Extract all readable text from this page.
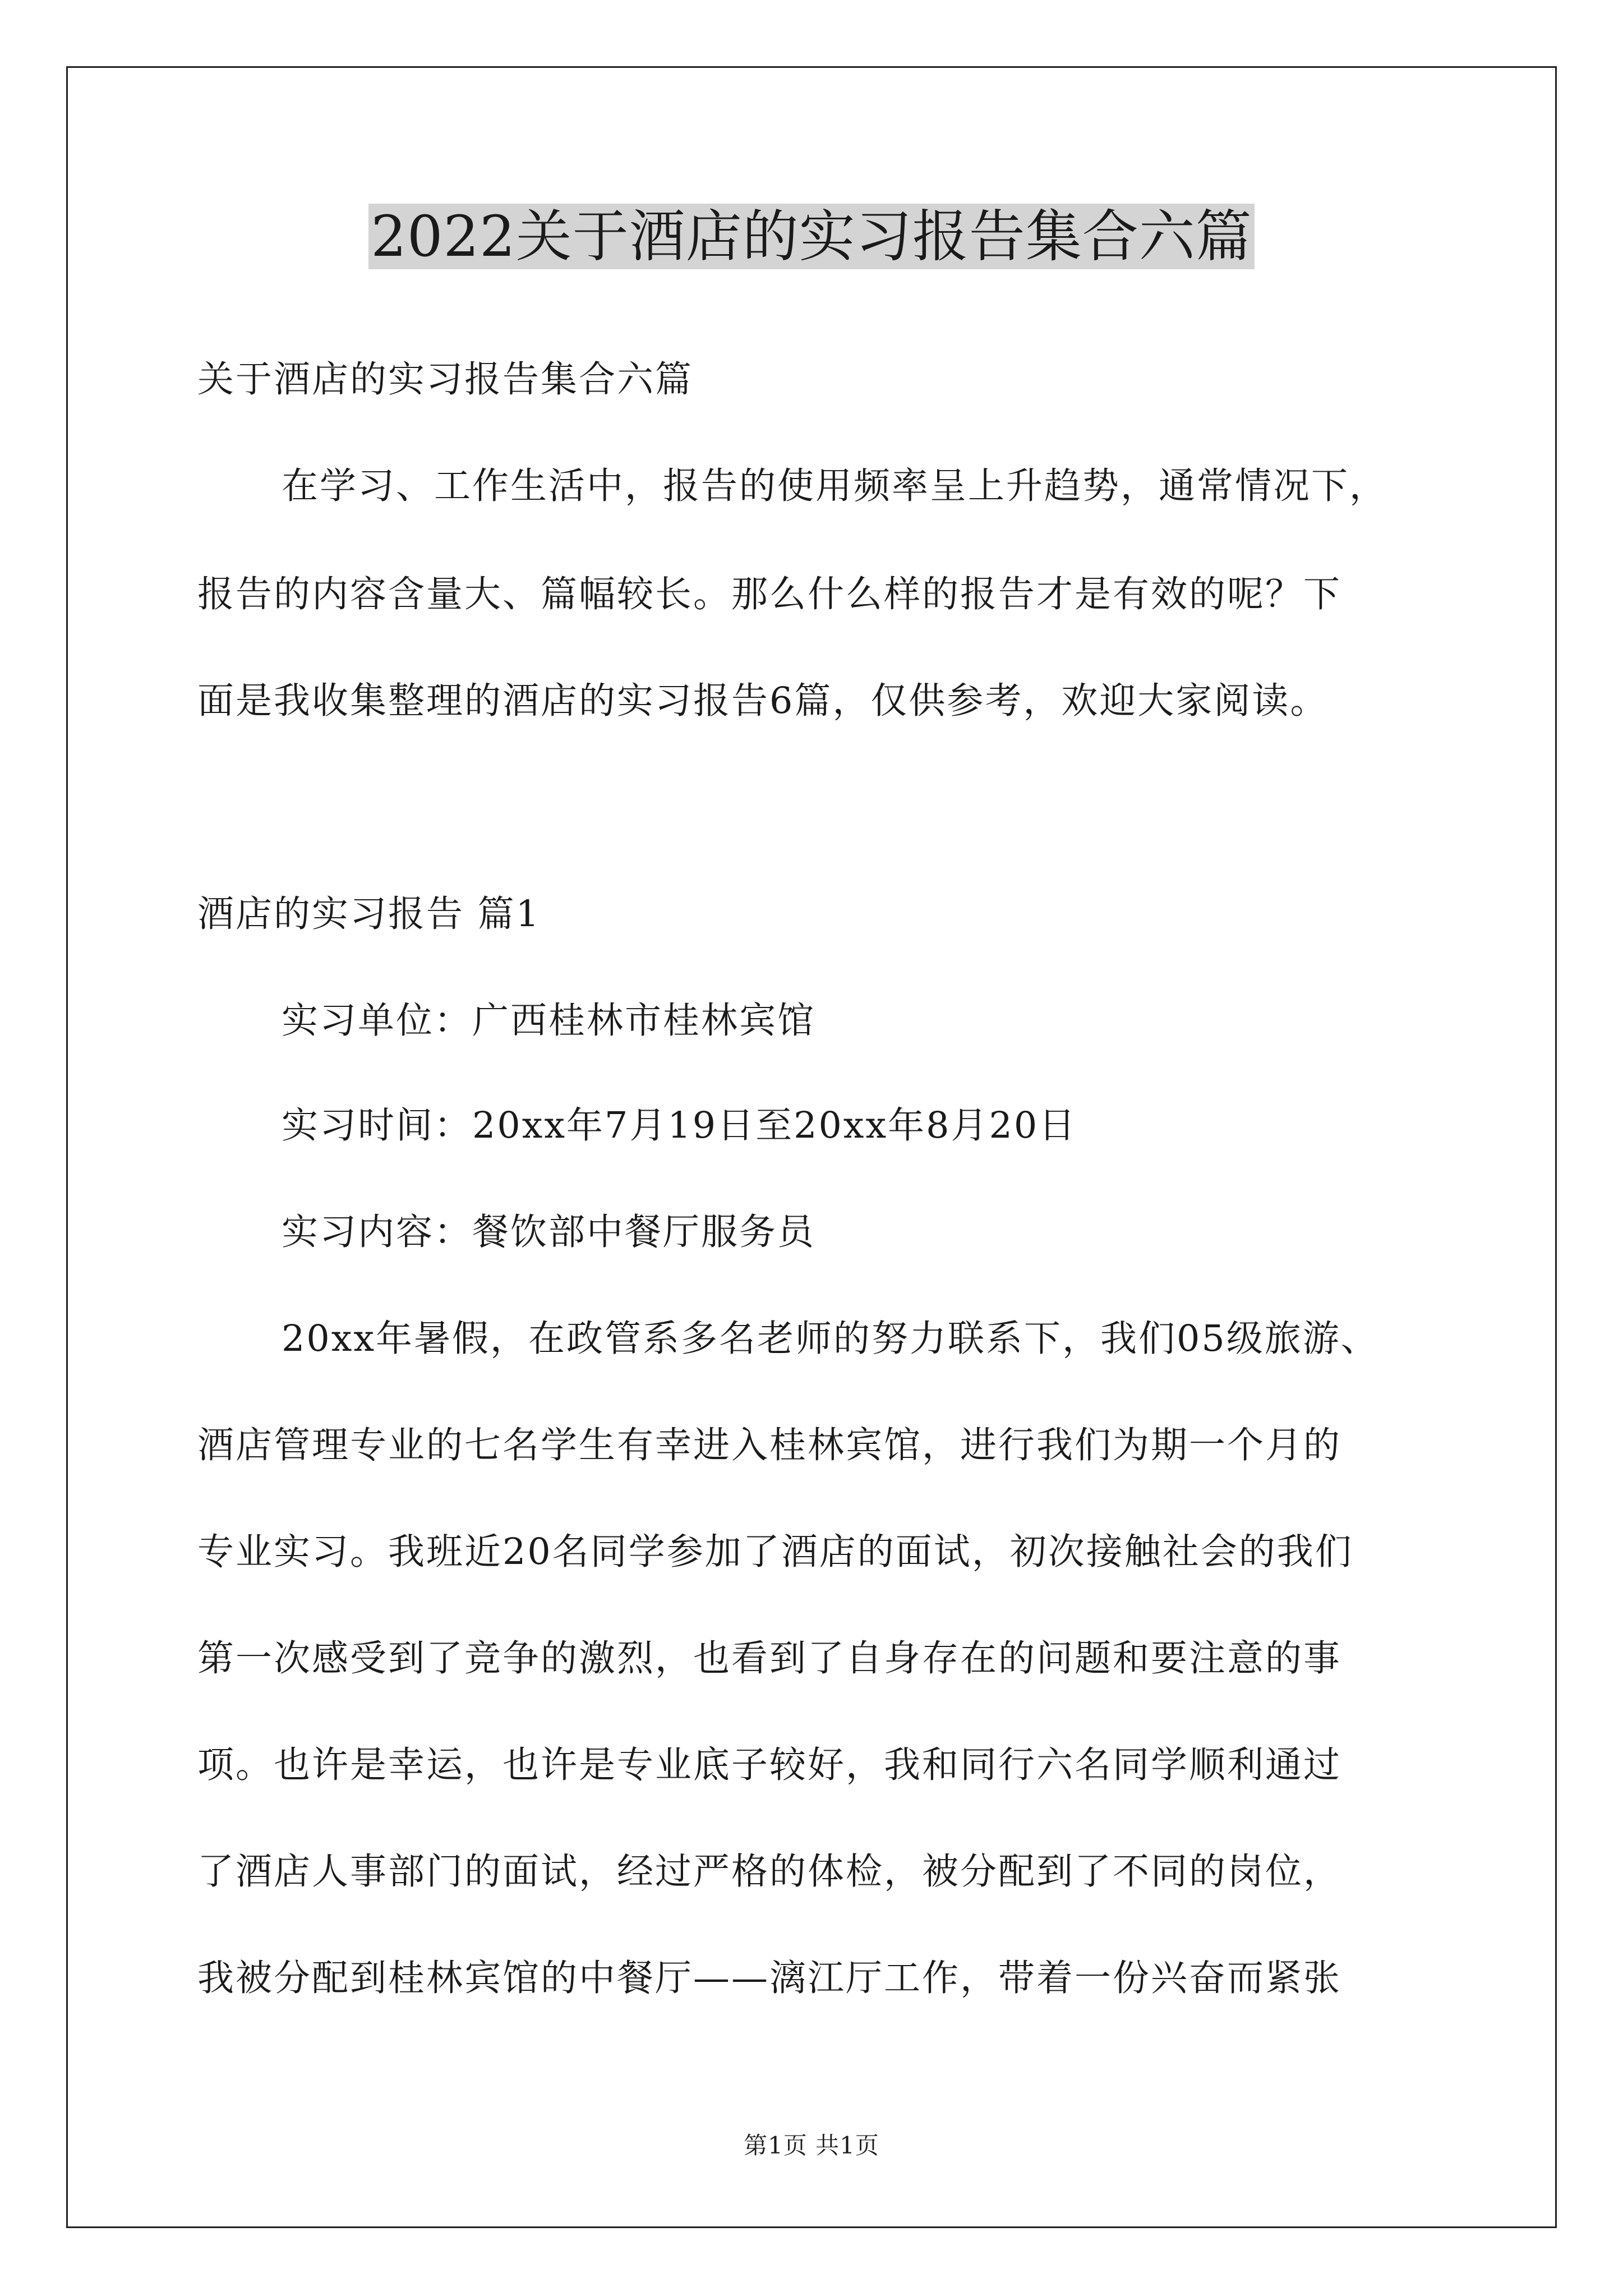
2022关于酒店的实习报告集合六篇
关于酒店的实习报告集合六篇
在学习、工作生活中，报告的使用频率呈上升趋势，通常情况下，
报告的内容含量大、篇幅较长。那么什么样的报告才是有效的呢？下
面是我收集整理的酒店的实习报告6篇，仅供参考，欢迎大家阅读。
酒店的实习报告 篇1
实习单位：广西桂林市桂林宾馆
实习时间：20xx年7月19日至20xx年8月20日
实习内容：餐饮部中餐厅服务员
20xx年暑假，在政管系多名老师的努力联系下，我们05级旅游、
酒店管理专业的七名学生有幸进入桂林宾馆，进行我们为期一个月的
专业实习。我班近20名同学参加了酒店的面试，初次接触社会的我们
第一次感受到了竞争的激烈，也看到了自身存在的问题和要注意的事
项。也许是幸运，也许是专业底子较好，我和同行六名同学顺利通过
了酒店人事部门的面试，经过严格的体检，被分配到了不同的岗位，
我被分配到桂林宾馆的中餐厅——漓江厅工作，带着一份兴奋而紧张
第1页 共1页
